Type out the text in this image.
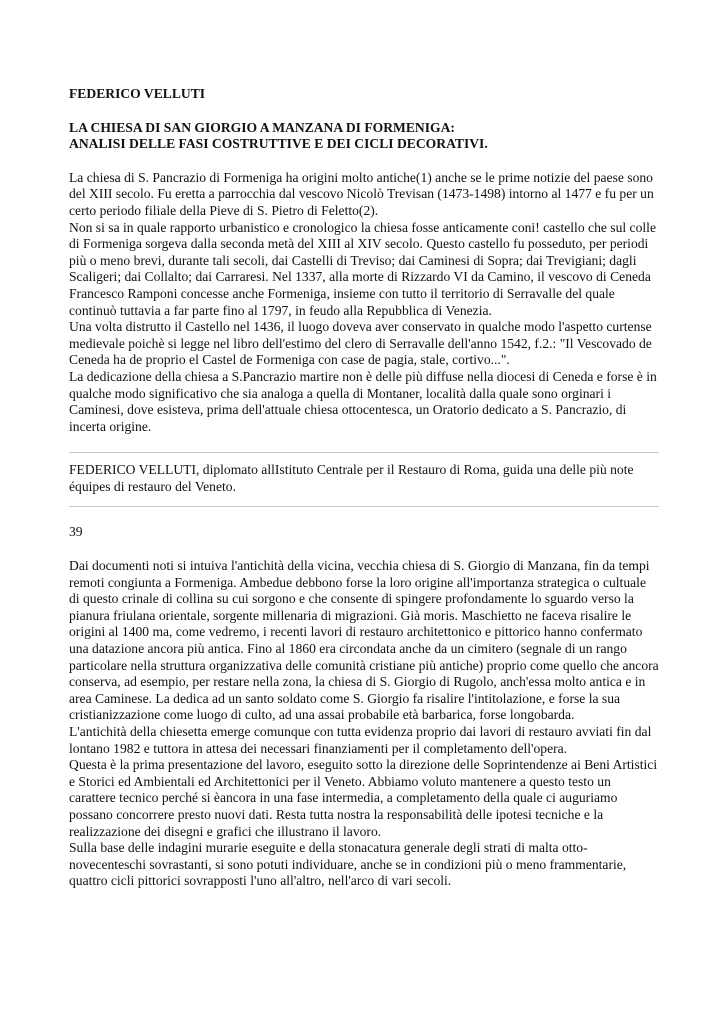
FEDERICO VELLUTI

LA CHIESA DI SAN GIORGIO A MANZANA DI FORMENIGA:
ANALISI DELLE FASI COSTRUTTIVE E DEI CICLI DECORATIVI.

La chiesa di S. Pancrazio di Formeniga ha origini molto antiche(1) anche se le prime notizie del paese sono del XIII secolo. Fu eretta a parrocchia dal vescovo Nicolò Trevisan (1473-1498) intorno al 1477 e fu per un certo periodo filiale della Pieve di S. Pietro di Feletto(2).

Non si sa in quale rapporto urbanistico e cronologico la chiesa fosse anticamente coni! castello che sul colle di Formeniga sorgeva dalla seconda metà del XIII al XIV secolo. Questo castello fu posseduto, per periodi più o meno brevi, durante tali secoli, dai Castelli di Treviso; dai Caminesi di Sopra; dai Trevigiani; dagli Scaligeri; dai Collalto; dai Carraresi. Nel 1337, alla morte di Rizzardo VI da Camino, il vescovo di Ceneda Francesco Ramponi concesse anche Formeniga, insieme con tutto il territorio di Serravalle del quale continuò tuttavia a far parte fino al 1797, in feudo alla Repubblica di Venezia.

Una volta distrutto il Castello nel 1436, il luogo doveva aver conservato in qualche modo l'aspetto curtense medievale poichè si legge nel libro dell'estimo del clero di Serravalle dell'anno 1542, f.2.: "Il Vescovado de Ceneda ha de proprio el Castel de Formeniga con case de pagia, stale, cortivo...".

La dedicazione della chiesa a S.Pancrazio martire non è delle più diffuse nella diocesi di Ceneda e forse è in qualche modo significativo che sia analoga a quella di Montaner, località dalla quale sono orginari i Caminesi, dove esisteva, prima dell'attuale chiesa ottocentesca, un Oratorio dedicato a S. Pancrazio, di incerta origine.

FEDERICO VELLUTI, diplomato allIstituto Centrale per il Restauro di Roma, guida una delle più note équipes di restauro del Veneto.

39

Dai documenti noti si intuiva l'antichità della vicina, vecchia chiesa di S. Giorgio di Manzana, fin da tempi remoti congiunta a Formeniga. Ambedue debbono forse la loro origine all'importanza strategica o cultuale di questo crinale di collina su cui sorgono e che consente di spingere profondamente lo sguardo verso la pianura friulana orientale, sorgente millenaria di migrazioni. Già moris. Maschietto ne faceva risalire le origini al 1400 ma, come vedremo, i recenti lavori di restauro architettonico e pittorico hanno confermato una datazione ancora più antica. Fino al 1860 era circondata anche da un cimitero (segnale di un rango particolare nella struttura organizzativa delle comunità cristiane più antiche) proprio come quello che ancora conserva, ad esempio, per restare nella zona, la chiesa di S. Giorgio di Rugolo, anch'essa molto antica e in area Caminese. La dedica ad un santo soldato come S. Giorgio fa risalire l'intitolazione, e forse la sua cristianizzazione come luogo di culto, ad una assai probabile età barbarica, forse longobarda.

L'antichità della chiesetta emerge comunque con tutta evidenza proprio dai lavori di restauro avviati fin dal lontano 1982 e tuttora in attesa dei necessari finanziamenti per il completamento dell'opera.

Questa è la prima presentazione del lavoro, eseguito sotto la direzione delle Soprintendenze ai Beni Artistici e Storici ed Ambientali ed Architettonici per il Veneto. Abbiamo voluto mantenere a questo testo un carattere tecnico perché si èancora in una fase intermedia, a completamento della quale ci auguriamo possano concorrere presto nuovi dati. Resta tutta nostra la responsabilità delle ipotesi tecniche e la realizzazione dei disegni e grafici che illustrano il lavoro.

Sulla base delle indagini murarie eseguite e della stonacatura generale degli strati di malta otto-novecenteschi sovrastanti, si sono potuti individuare, anche se in condizioni più o meno frammentarie, quattro cicli pittorici sovrapposti l'uno all'altro, nell'arco di vari secoli.
